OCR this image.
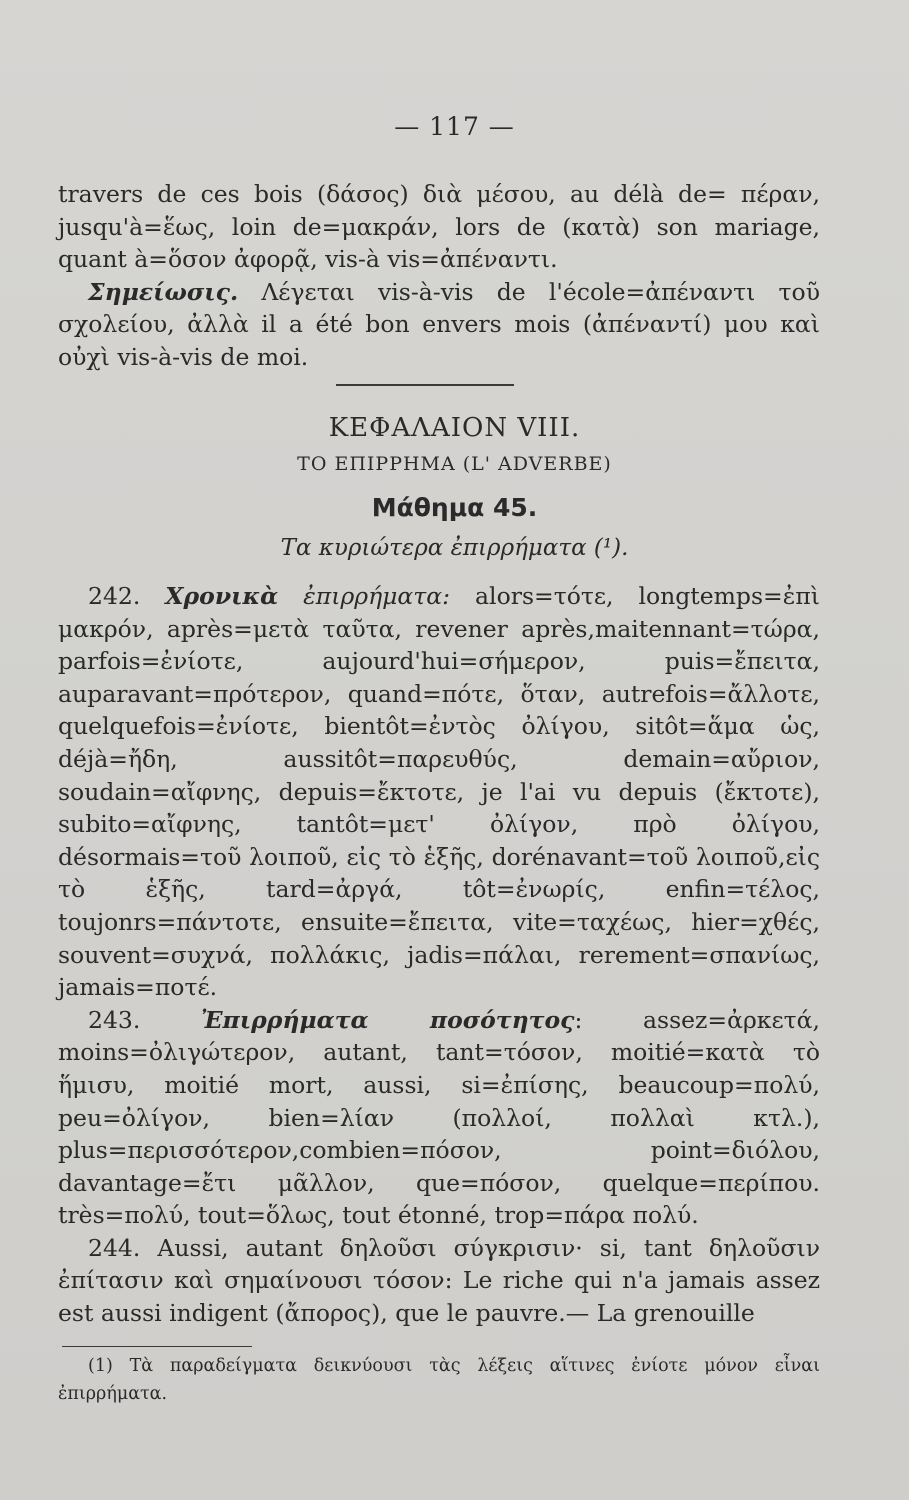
— 117 —

travers de ces bois (δάσος) διὰ μέσου, au délà de= πέραν, jusqu'à=ἕως, loin de=μακράν, lors de (κατὰ) son mariage, quant à=ὅσον ἀφορᾷ, vis-à vis=ἀπέναντι.

Σημείωσις. Λέγεται vis-à-vis de l'école=ἀπέναντι τοῦ σχολείου, ἀλλὰ il a été bon envers mois (ἀπέναντί) μου καὶ οὐχὶ vis-à-vis de moi.

ΚΕΦΑΛΑΙΟΝ VIII.
ΤΟ ΕΠΙΡΡΗΜΑ (L' ADVERBE)
Μάθημα 45.
Τα κυριώτερα ἐπιρρήματα (¹).

242. Χρονικὰ ἐπιρρήματα: alors=τότε, longtemps=ἐπὶ μακρόν, après=μετὰ ταῦτα, revener après,maitennant=τώρα, parfois=ἐνίοτε, aujourd'hui=σήμερον, puis=ἔπειτα, auparavant=πρότερον, quand=πότε, ὅταν, autrefois=ἄλλοτε, quelquefois=ἐνίοτε, bientôt=ἐντὸς ὀλίγου, sitôt=ἅμα ὡς, déjà=ἤδη, aussitôt=παρευθύς, demain=αὔριον, soudain=αἴφνης, depuis=ἔκτοτε, je l'ai vu depuis (ἔκτοτε), subito=αἴφνης, tantôt=μετ' ὀλίγον, πρὸ ὀλίγου, désormais=τοῦ λοιποῦ, εἰς τὸ ἑξῆς, dorénavant=τοῦ λοιποῦ,εἰς τὸ ἑξῆς, tard=ἀργά, tôt=ἐνωρίς, enfin=τέλος, toujonrs=πάντοτε, ensuite=ἔπειτα, vite=ταχέως, hier=χθές, souvent=συχνά, πολλάκις, jadis=πάλαι, rerement=σπανίως, jamais=ποτέ.

243.	Ἐπιρρήματα ποσότητος: assez=ἀρκετά, moins=ὀλιγώτερον, autant, tant=τόσον, moitié=κατὰ τὸ ἥμισυ, moitié mort, aussi, si=ἐπίσης, beaucoup=πολύ, peu=ὀλίγον, bien=λίαν (πολλοί, πολλαὶ κτλ.), plus=περισσότερον,combien=πόσον, point=διόλου, davantage=ἔτι μᾶλλον, que=πόσον, quelque=περίπου. très=πολύ, tout=ὅλως, tout étonné, trop=πάρα πολύ.

244. Aussi, autant δηλοῦσι σύγκρισιν· si, tant δηλοῦσιν ἐπίτασιν καὶ σημαίνουσι τόσον: Le riche qui n'a jamais assez est aussi indigent (ἄπορος), que le pauvre.— La grenouille

(1) Τὰ παραδείγματα δεικνύουσι τὰς λέξεις αἵτινες ἐνίοτε μόνον εἶναι ἐπιρρήματα.
